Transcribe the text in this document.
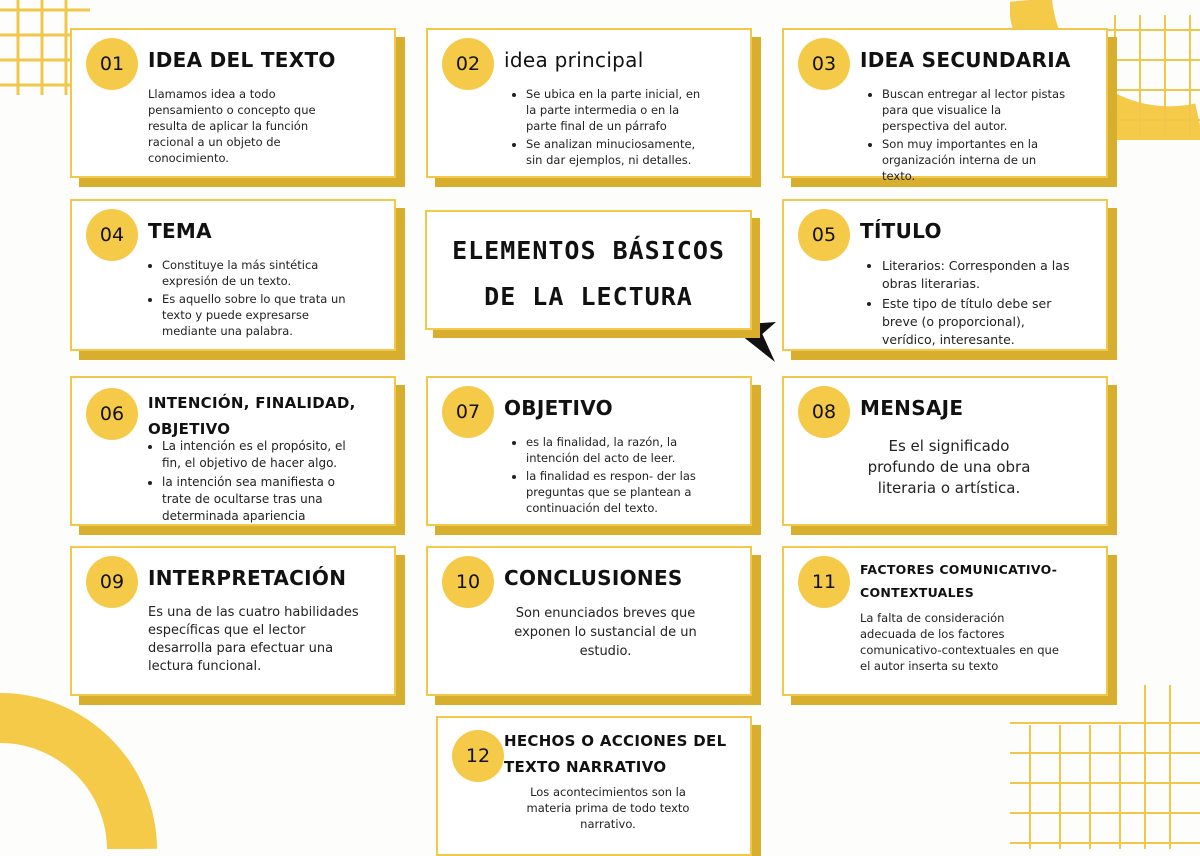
ELEMENTOS BÁSICOS
DE LA LECTURA
01	IDEA DEL TEXTO
Llamamos idea a todo pensamiento o concepto que resulta de aplicar la función racional a un objeto de conocimiento.
02	idea principal
• Se ubica en la parte inicial, en la parte intermedia o en la parte final de un párrafo
• Se analizan minuciosamente, sin dar ejemplos, ni detalles.
03	IDEA SECUNDARIA
• Buscan entregar al lector pistas para que visualice la perspectiva del autor.
• Son muy importantes en la organización interna de un texto.
04	TEMA
• Constituye la más sintética expresión de un texto.
• Es aquello sobre lo que trata un texto y puede expresarse mediante una palabra.
05	TÍTULO
• Literarios: Corresponden a las obras literarias.
• Este tipo de título debe ser breve (o proporcional), verídico, interesante.
06	INTENCIÓN, FINALIDAD, OBJETIVO
• La intención es el propósito, el fin, el objetivo de hacer algo.
• la intención sea manifiesta o trate de ocultarse tras una determinada apariencia
07	OBJETIVO
• es la finalidad, la razón, la intención del acto de leer.
• la finalidad es respon- der las preguntas que se plantean a continuación del texto.
08	MENSAJE
Es el significado profundo de una obra literaria o artística.
09	INTERPRETACIÓN
Es una de las cuatro habilidades específicas que el lector desarrolla para efectuar una lectura funcional.
10	CONCLUSIONES
Son enunciados breves que exponen lo sustancial de un estudio.
11
FACTORES COMUNICATIVO-CONTEXTUALES
La falta de consideración adecuada de los factores comunicativo-contextuales en que el autor inserta su texto
12
HECHOS O ACCIONES DEL TEXTO NARRATIVO
Los acontecimientos son la materia prima de todo texto narrativo.
